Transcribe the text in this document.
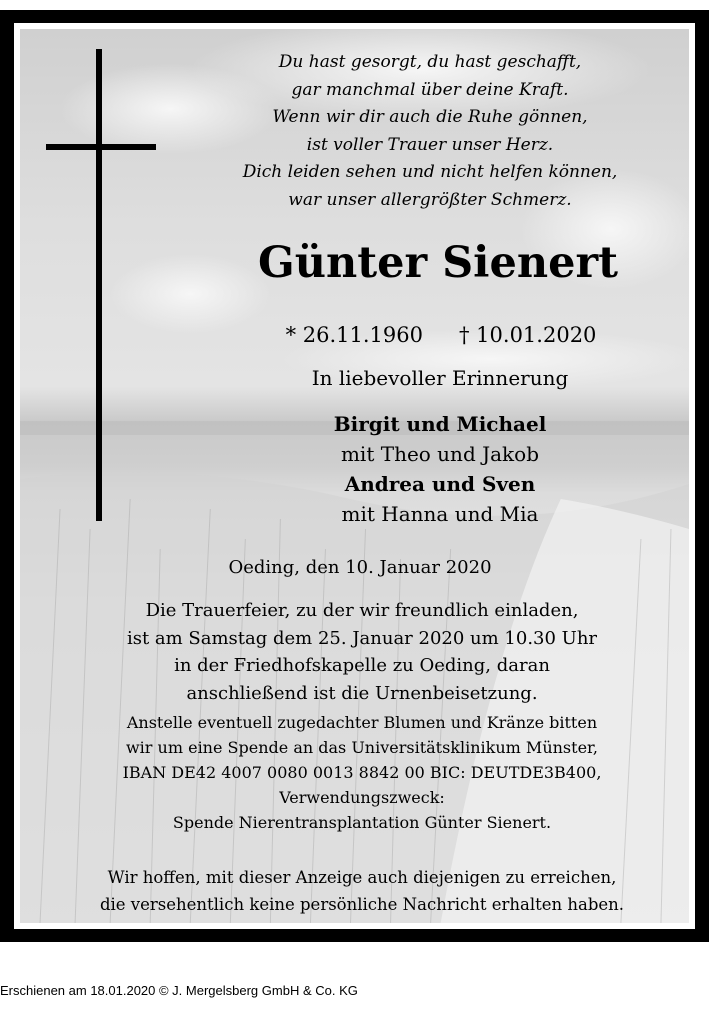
Du hast gesorgt, du hast geschafft,
gar manchmal über deine Kraft.
Wenn wir dir auch die Ruhe gönnen,
ist voller Trauer unser Herz.
Dich leiden sehen und nicht helfen können,
war unser allergrößter Schmerz.
Günter Sienert
* 26.11.1960 † 10.01.2020
In liebevoller Erinnerung
Birgit und Michael
mit Theo und Jakob
Andrea und Sven
mit Hanna und Mia
Oeding, den 10. Januar 2020
Die Trauerfeier, zu der wir freundlich einladen,
ist am Samstag dem 25. Januar 2020 um 10.30 Uhr
in der Friedhofskapelle zu Oeding, daran
anschließend ist die Urnenbeisetzung.
Anstelle eventuell zugedachter Blumen und Kränze bitten
wir um eine Spende an das Universitätsklinikum Münster,
IBAN DE42 4007 0080 0013 8842 00 BIC: DEUTDE3B400,
Verwendungszweck:
Spende Nierentransplantation Günter Sienert.
Wir hoffen, mit dieser Anzeige auch diejenigen zu erreichen,
die versehentlich keine persönliche Nachricht erhalten haben.
Erschienen am 18.01.2020 © J. Mergelsberg GmbH & Co. KG
